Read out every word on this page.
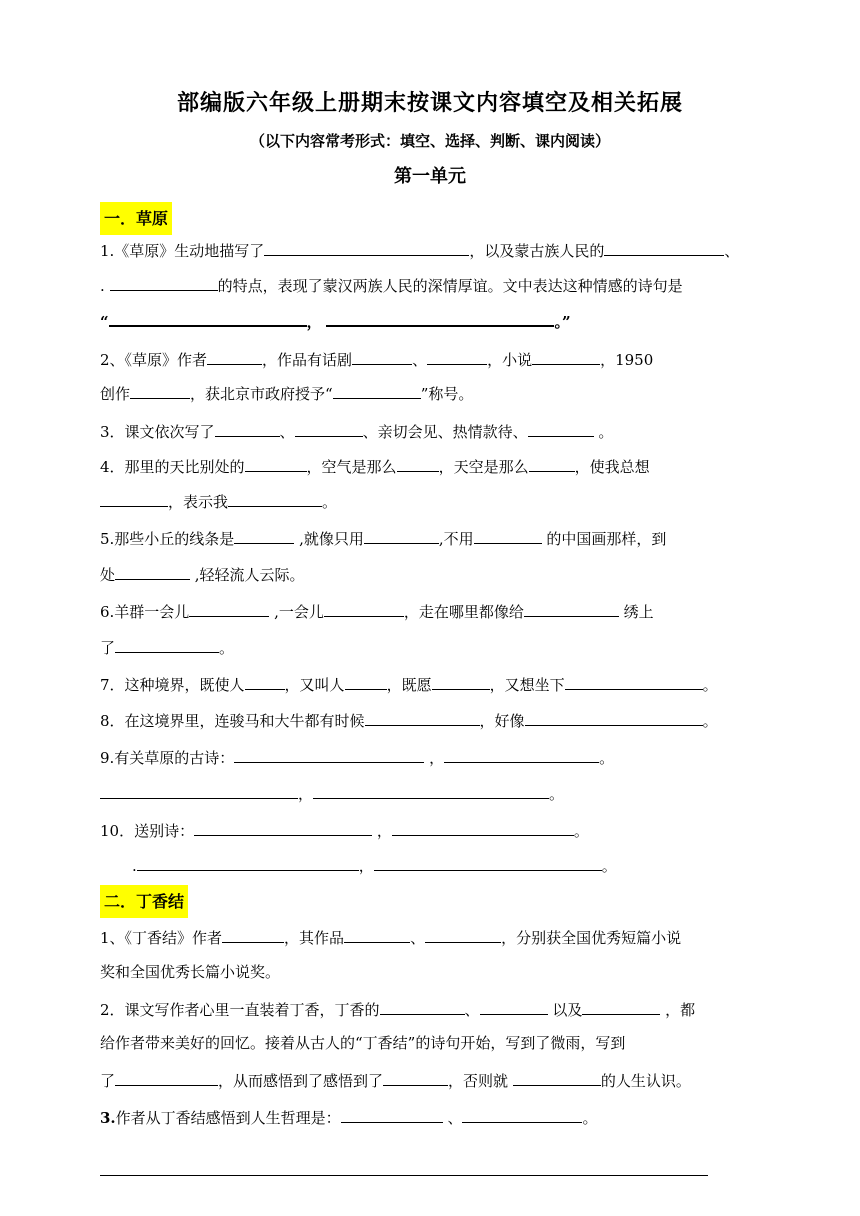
部编版六年级上册期末按课文内容填空及相关拓展
（以下内容常考形式：填空、选择、判断、课内阅读）
第一单元
一．草原
1.《草原》生动地描写了	，以及蒙古族人民的	、
.	的特点，表现了蒙汉两族人民的深情厚谊。文中表达这种情感的诗句是
“	，	。”
2、《草原》作者	，作品有话剧	、	，小说	，1950
创作	，获北京市政府授予“	”称号。
3．课文依次写了	、	、亲切会见、热情款待、	。
4．那里的天比别处的	，空气是那么	，天空是那么	，使我总想
，表示我	。
5.那些小丘的线条是	,就像只用	,不用	的中国画那样，到
处	,轻轻流人云际。
6.羊群一会儿	,一会儿	，走在哪里都像给	绣上
了	。
7．这种境界，既使人	，又叫人	，既愿	，又想坐下	。
8．在这境界里，连骏马和大牛都有时候	，好像	。
9.有关草原的古诗：	，	。
，	。
10．送别诗：	，	。
.	，	。
二．丁香结
1、《丁香结》作者	，其作品	、	，分别获全国优秀短篇小说
奖和全国优秀长篇小说奖。
2．课文写作者心里一直装着丁香，丁香的	、	以及	，都
给作者带来美好的回忆。接着从古人的“丁香结”的诗句开始，写到了微雨，写到
了	，从而感悟到了感悟到了	，否则就	的人生认识。
3.作者从丁香结感悟到人生哲理是：	、	。
